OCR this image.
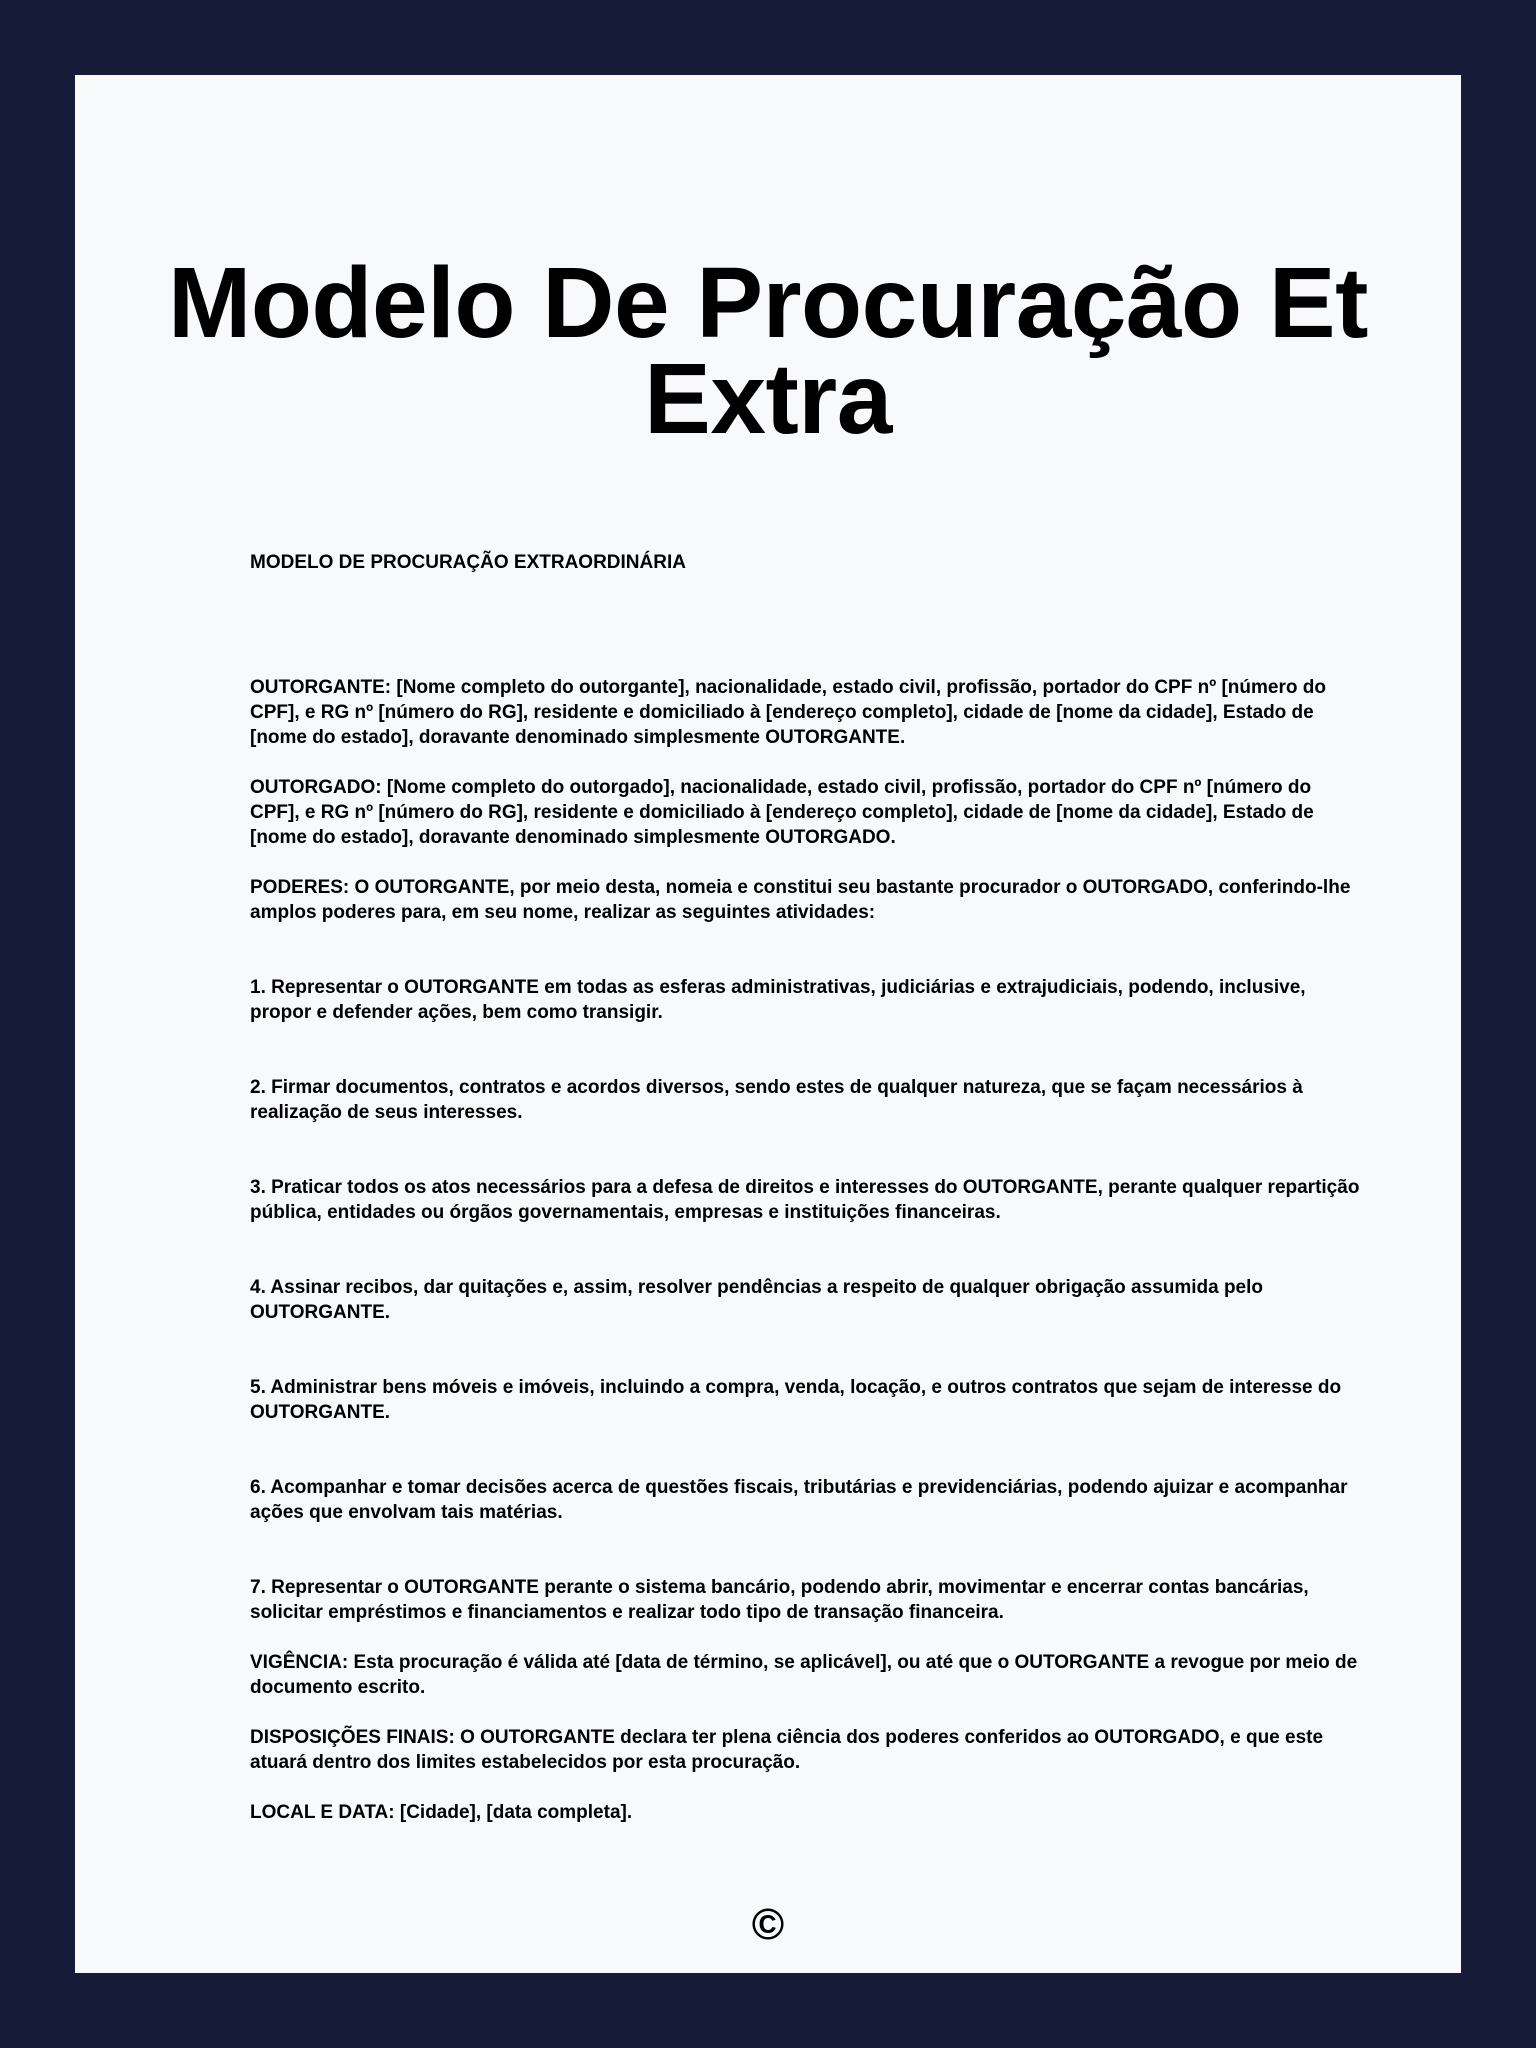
Modelo De Procuração Et Extra

MODELO DE PROCURAÇÃO EXTRAORDINÁRIA

OUTORGANTE: [Nome completo do outorgante], nacionalidade, estado civil, profissão, portador do CPF nº [número do CPF], e RG nº [número do RG], residente e domiciliado à [endereço completo], cidade de [nome da cidade], Estado de [nome do estado], doravante denominado simplesmente OUTORGANTE.

OUTORGADO: [Nome completo do outorgado], nacionalidade, estado civil, profissão, portador do CPF nº [número do CPF], e RG nº [número do RG], residente e domiciliado à [endereço completo], cidade de [nome da cidade], Estado de [nome do estado], doravante denominado simplesmente OUTORGADO.

PODERES: O OUTORGANTE, por meio desta, nomeia e constitui seu bastante procurador o OUTORGADO, conferindo-lhe amplos poderes para, em seu nome, realizar as seguintes atividades:

1. Representar o OUTORGANTE em todas as esferas administrativas, judiciárias e extrajudiciais, podendo, inclusive, propor e defender ações, bem como transigir.

2. Firmar documentos, contratos e acordos diversos, sendo estes de qualquer natureza, que se façam necessários à realização de seus interesses.

3. Praticar todos os atos necessários para a defesa de direitos e interesses do OUTORGANTE, perante qualquer repartição pública, entidades ou órgãos governamentais, empresas e instituições financeiras.

4. Assinar recibos, dar quitações e, assim, resolver pendências a respeito de qualquer obrigação assumida pelo OUTORGANTE.

5. Administrar bens móveis e imóveis, incluindo a compra, venda, locação, e outros contratos que sejam de interesse do OUTORGANTE.

6. Acompanhar e tomar decisões acerca de questões fiscais, tributárias e previdenciárias, podendo ajuizar e acompanhar ações que envolvam tais matérias.

7. Representar o OUTORGANTE perante o sistema bancário, podendo abrir, movimentar e encerrar contas bancárias, solicitar empréstimos e financiamentos e realizar todo tipo de transação financeira.

VIGÊNCIA: Esta procuração é válida até [data de término, se aplicável], ou até que o OUTORGANTE a revogue por meio de documento escrito.

DISPOSIÇÕES FINAIS: O OUTORGANTE declara ter plena ciência dos poderes conferidos ao OUTORGADO, e que este atuará dentro dos limites estabelecidos por esta procuração.

LOCAL E DATA: [Cidade], [data completa].

©
